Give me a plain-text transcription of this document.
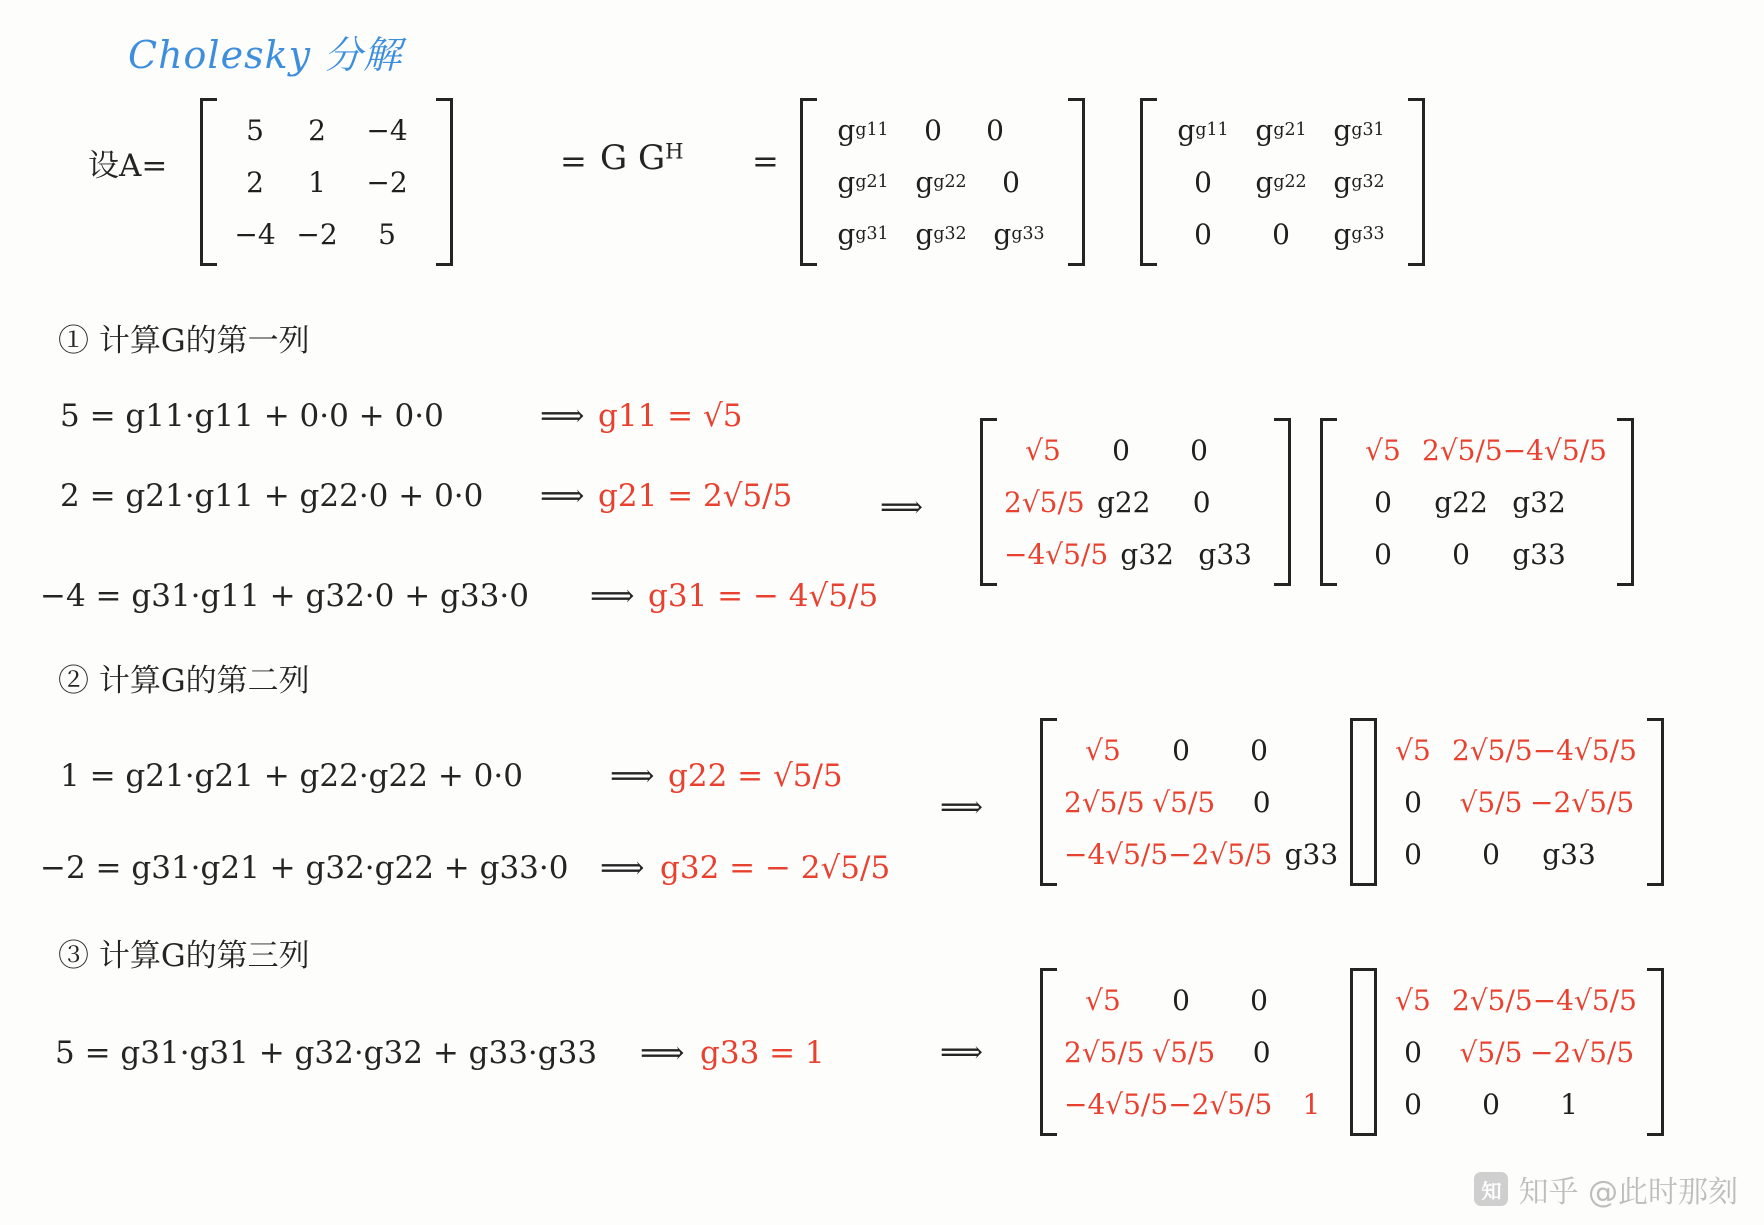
Cholesky 分解
设A=
5	2	−4
2	1	−2
−4 −2	5
= G $G^H$ =
g g11	0	0
g g21 g g22	0
g g31 g g32 g g33
g g11 g g21 g g31
0	g g22 g g32
0	0	g g33
① 计算G的第一列
5 = g11·g11 + 0·0 + 0·0	⟹ g11 = √5
2 = g21·g11 + g22·0 + 0·0 ⟹ g21 = 2√5/5
−4 = g31·g11 + g32·0 + g33·0 ⟹ g31 = − 4√5/5
⟹
√5	0	0
2√5/5 g22	0
−4√5/5 g32 g33
√5 2√5/5 −4√5/5
0	g22 g32
0	0	g33
② 计算G的第二列
1 = g21·g21 + g22·g22 + 0·0	⟹ g22 = √5/5
−2 = g31·g21 + g32·g22 + g33·0 ⟹ g32 = − 2√5/5
⟹
√5	0	0
2√5/5 √5/5	0
−4√5/5 −2√5/5 g33
√5 2√5/5 −4√5/5
0	√5/5 −2√5/5
0	0	g33
③ 计算G的第三列
5 = g31·g31 + g32·g32 + g33·g33 ⟹ g33 = 1	⟹
√5	0	0
2√5/5 √5/5	0
−4√5/5 −2√5/5	1
√5 2√5/5 −4√5/5
0	√5/5 −2√5/5
0	0	1
知 知乎 @此时那刻
